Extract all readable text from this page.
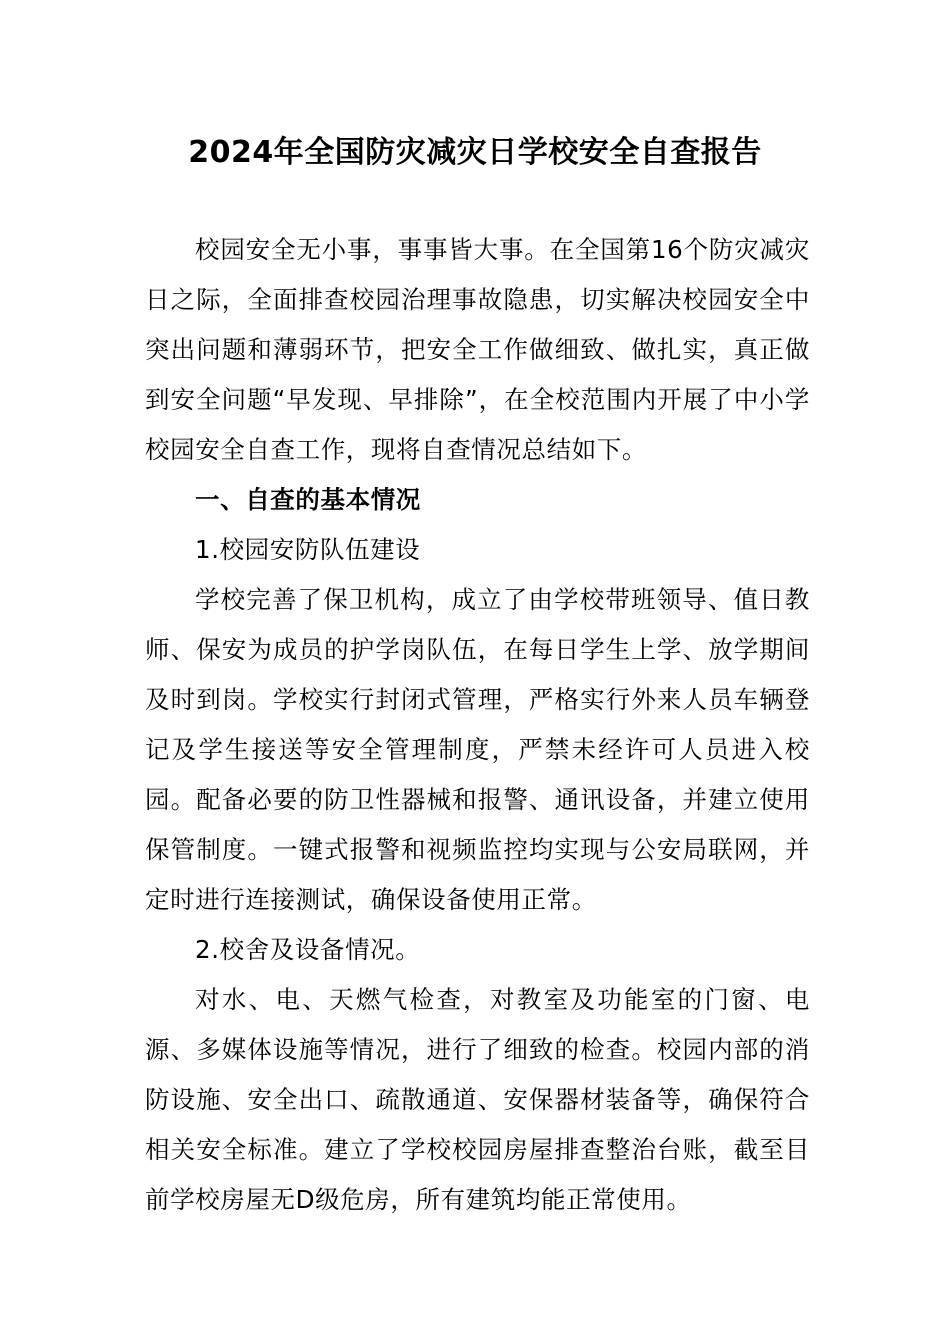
2024年全国防灾减灾日学校安全自查报告

校园安全无小事，事事皆大事。在全国第16个防灾减灾日之际，全面排查校园治理事故隐患，切实解决校园安全中突出问题和薄弱环节，把安全工作做细致、做扎实，真正做到安全问题“早发现、早排除”，在全校范围内开展了中小学校园安全自查工作，现将自查情况总结如下。

一、自查的基本情况

1.校园安防队伍建设

学校完善了保卫机构，成立了由学校带班领导、值日教师、保安为成员的护学岗队伍，在每日学生上学、放学期间及时到岗。学校实行封闭式管理，严格实行外来人员车辆登记及学生接送等安全管理制度，严禁未经许可人员进入校园。配备必要的防卫性器械和报警、通讯设备，并建立使用保管制度。一键式报警和视频监控均实现与公安局联网，并定时进行连接测试，确保设备使用正常。

2.校舍及设备情况。

对水、电、天燃气检查，对教室及功能室的门窗、电源、多媒体设施等情况，进行了细致的检查。校园内部的消防设施、安全出口、疏散通道、安保器材装备等，确保符合相关安全标准。建立了学校校园房屋排查整治台账，截至目前学校房屋无D级危房，所有建筑均能正常使用。
